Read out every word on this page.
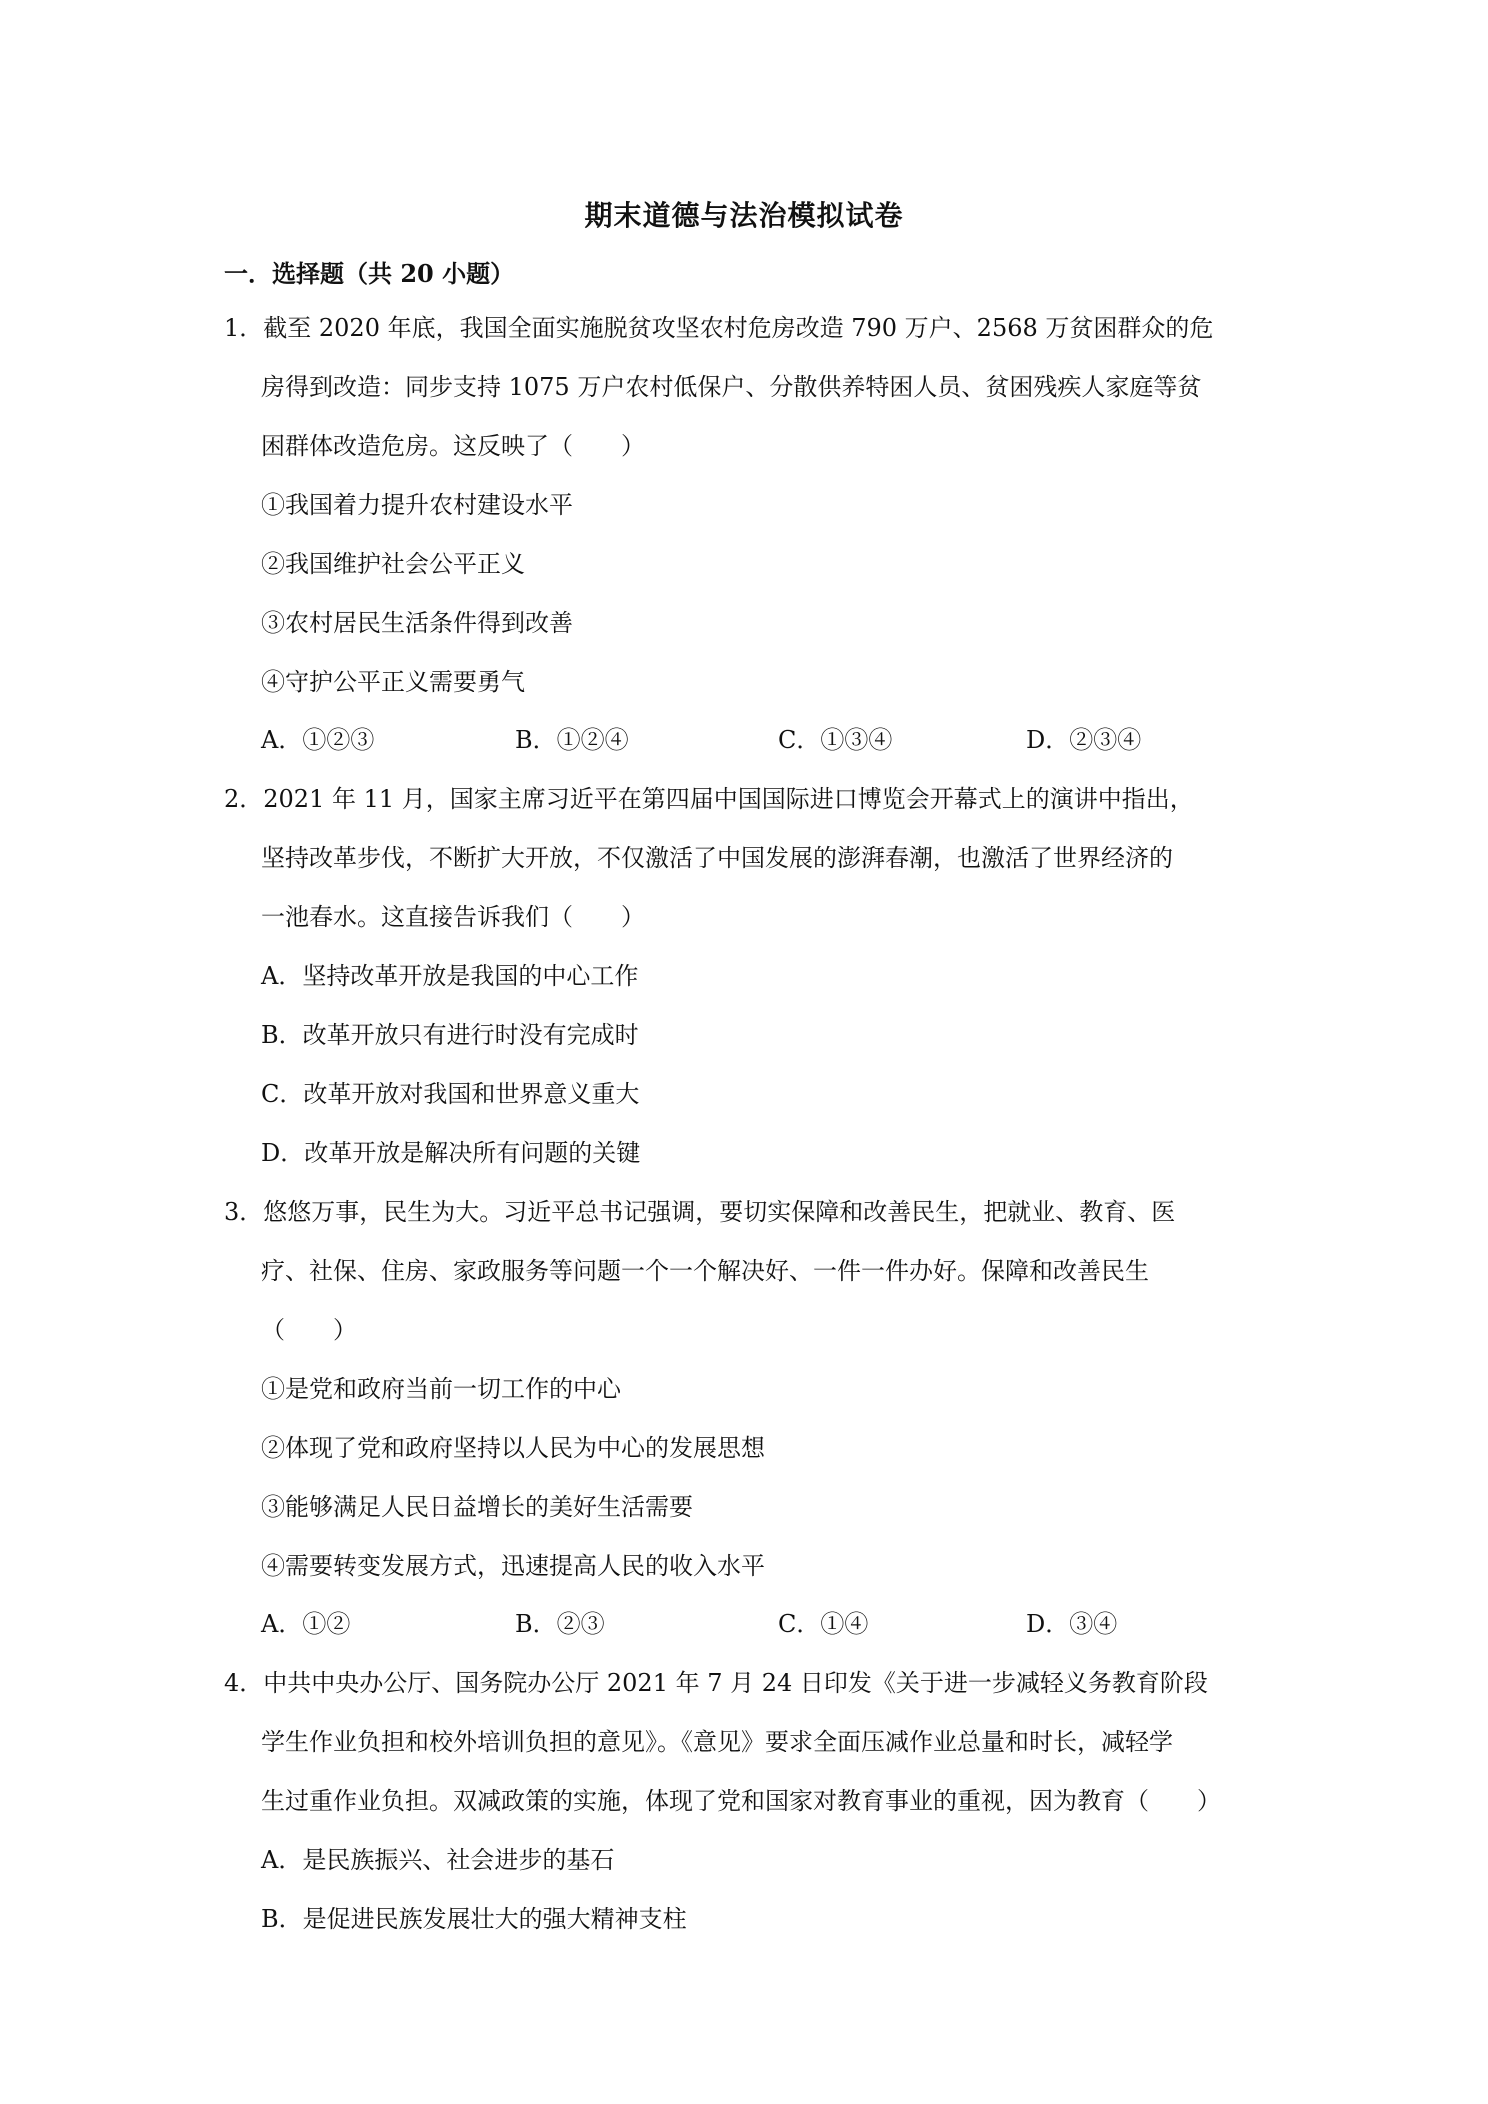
期末道德与法治模拟试卷
一．选择题（共 20 小题）
1．截至 2020 年底，我国全面实施脱贫攻坚农村危房改造 790 万户、2568 万贫困群众的危
房得到改造：同步支持 1075 万户农村低保户、分散供养特困人员、贫困残疾人家庭等贫
困群体改造危房。这反映了（　　）
①我国着力提升农村建设水平
②我国维护社会公平正义
③农村居民生活条件得到改善
④守护公平正义需要勇气
A．①②③	B．①②④	C．①③④	D．②③④
2．2021 年 11 月，国家主席习近平在第四届中国国际进口博览会开幕式上的演讲中指出，
坚持改革步伐，不断扩大开放，不仅激活了中国发展的澎湃春潮，也激活了世界经济的
一池春水。这直接告诉我们（　　）
A．坚持改革开放是我国的中心工作
B．改革开放只有进行时没有完成时
C．改革开放对我国和世界意义重大
D．改革开放是解决所有问题的关键
3．悠悠万事，民生为大。习近平总书记强调，要切实保障和改善民生，把就业、教育、医
疗、社保、住房、家政服务等问题一个一个解决好、一件一件办好。保障和改善民生
（　　）
①是党和政府当前一切工作的中心
②体现了党和政府坚持以人民为中心的发展思想
③能够满足人民日益增长的美好生活需要
④需要转变发展方式，迅速提高人民的收入水平
A．①②	B．②③	C．①④	D．③④
4．中共中央办公厅、国务院办公厅 2021 年 7 月 24 日印发《关于进一步减轻义务教育阶段
学生作业负担和校外培训负担的意见》。《意见》要求全面压减作业总量和时长，减轻学
生过重作业负担。双减政策的实施，体现了党和国家对教育事业的重视，因为教育（　　）
A．是民族振兴、社会进步的基石
B．是促进民族发展壮大的强大精神支柱
